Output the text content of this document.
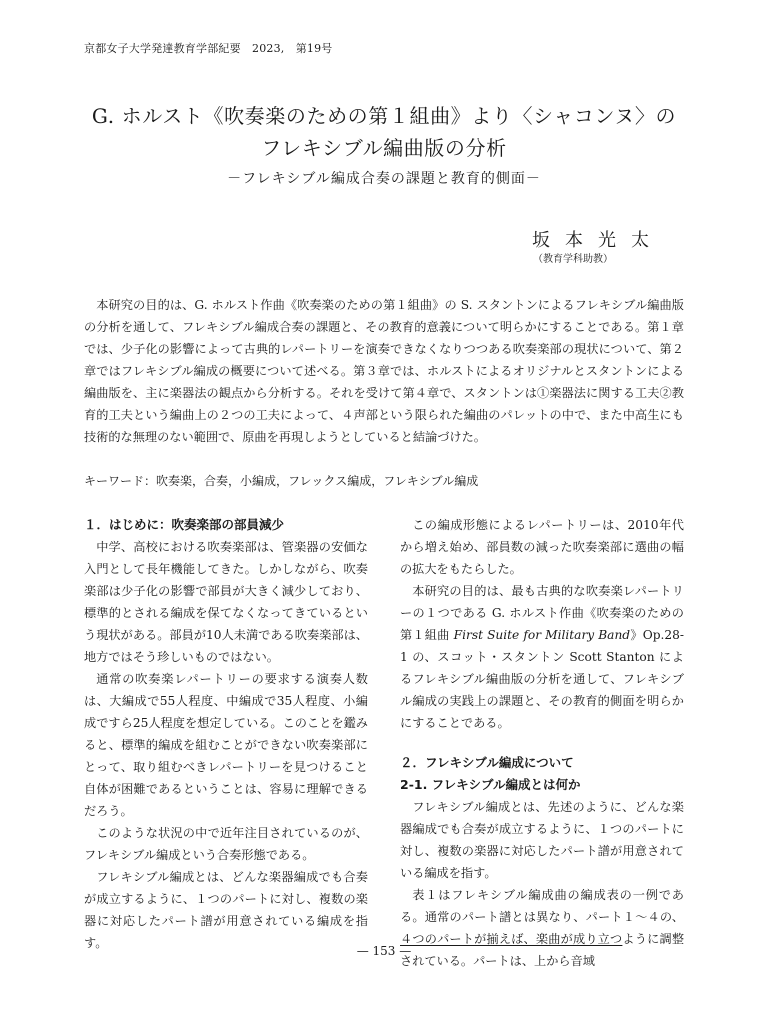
京都女子大学発達教育学部紀要　2023,　第19号
G. ホルスト《吹奏楽のための第１組曲》より〈シャコンヌ〉の
フレキシブル編曲版の分析
－フレキシブル編成合奏の課題と教育的側面－
坂本光太
（教育学科助教）

本研究の目的は、G. ホルスト作曲《吹奏楽のための第１組曲》の S. スタントンによるフレキシブル編曲版の分析を通して、フレキシブル編成合奏の課題と、その教育的意義について明らかにすることである。第１章では、少子化の影響によって古典的レパートリーを演奏できなくなりつつある吹奏楽部の現状について、第２章ではフレキシブル編成の概要について述べる。第３章では、ホルストによるオリジナルとスタントンによる編曲版を、主に楽器法の観点から分析する。それを受けて第４章で、スタントンは①楽器法に関する工夫②教育的工夫という編曲上の２つの工夫によって、４声部という限られた編曲のパレットの中で、また中高生にも技術的な無理のない範囲で、原曲を再現しようとしていると結論づけた。

キーワード：吹奏楽，合奏，小編成，フレックス編成，フレキシブル編成
１．はじめに：吹奏楽部の部員減少

中学、高校における吹奏楽部は、管楽器の安価な入門として長年機能してきた。しかしながら、吹奏楽部は少子化の影響で部員が大きく減少しており、標準的とされる編成を保てなくなってきているという現状がある。部員が10人未満である吹奏楽部は、地方ではそう珍しいものではない。

通常の吹奏楽レパートリーの要求する演奏人数は、大編成で55人程度、中編成で35人程度、小編成ですら25人程度を想定している。このことを鑑みると、標準的編成を組むことができない吹奏楽部にとって、取り組むべきレパートリーを見つけること自体が困難であるということは、容易に理解できるだろう。

このような状況の中で近年注目されているのが、フレキシブル編成という合奏形態である。

フレキシブル編成とは、どんな楽器編成でも合奏が成立するように、１つのパートに対し、複数の楽器に対応したパート譜が用意されている編成を指す。

この編成形態によるレパートリーは、2010年代から増え始め、部員数の減った吹奏楽部に選曲の幅の拡大をもたらした。

本研究の目的は、最も古典的な吹奏楽レパートリーの１つである G. ホルスト作曲《吹奏楽のための第１組曲 First Suite for Military Band》Op.28-1 の、スコット・スタントン Scott Stanton によるフレキシブル編曲版の分析を通して、フレキシブル編成の実践上の課題と、その教育的側面を明らかにすることである。

２．フレキシブル編成について
2-1. フレキシブル編成とは何か

フレキシブル編成とは、先述のように、どんな楽器編成でも合奏が成立するように、１つのパートに対し、複数の楽器に対応したパート譜が用意されている編成を指す。

表１はフレキシブル編成曲の編成表の一例である。通常のパート譜とは異なり、パート１～４の、４つのパートが揃えば、楽曲が成り立つように調整されている。パートは、上から音域

— 153 —
